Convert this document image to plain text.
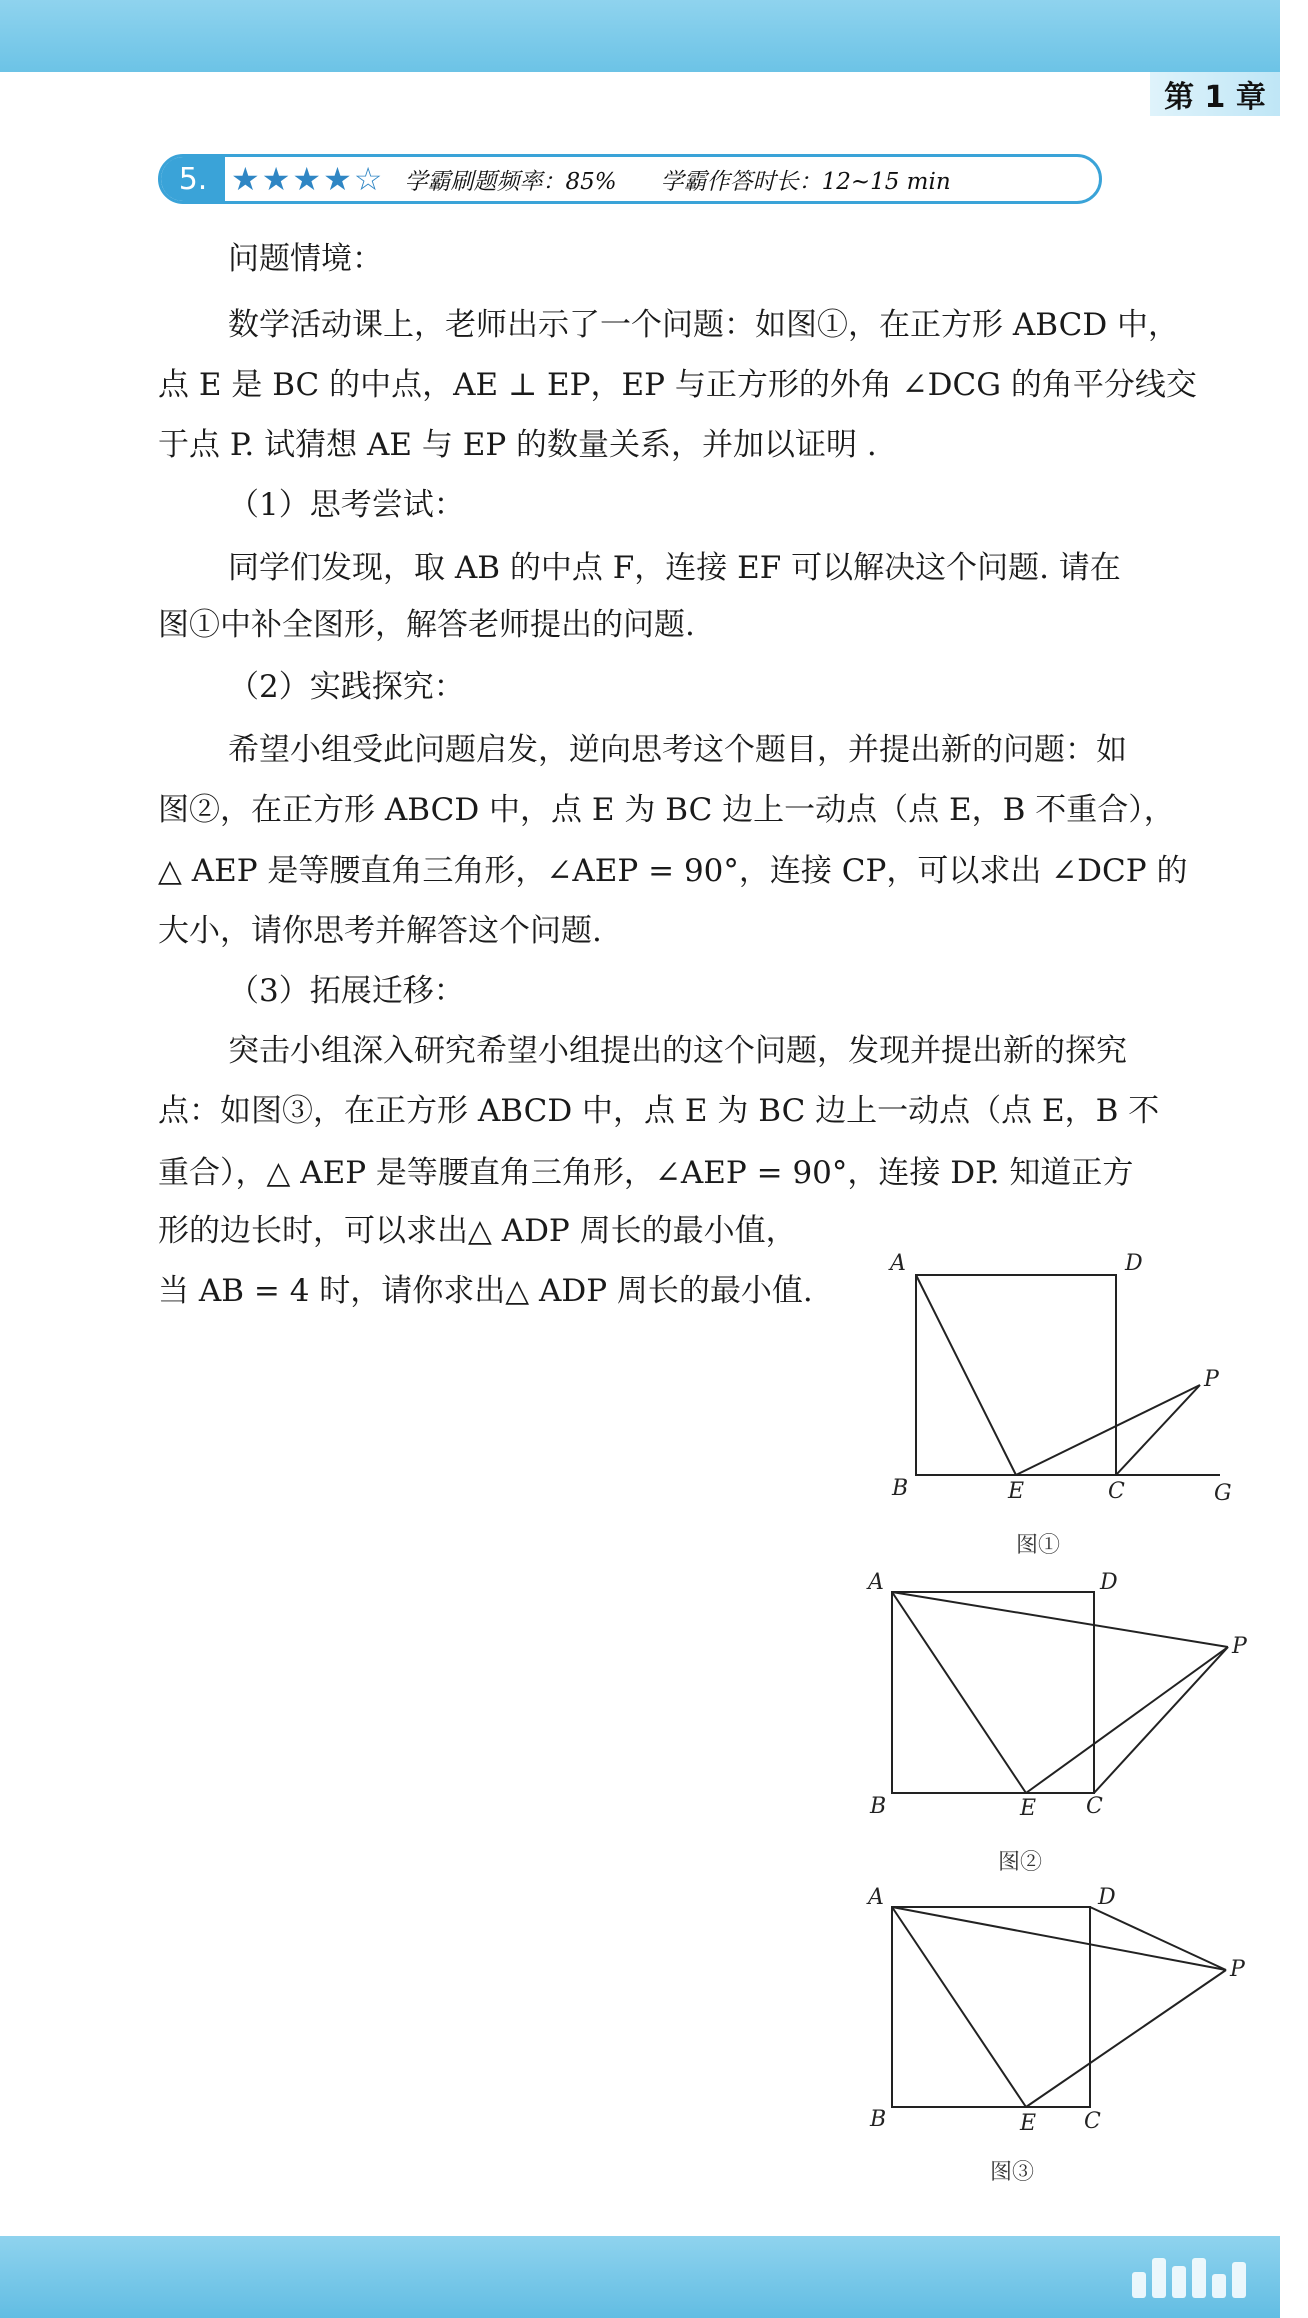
第 1 章
5. ★ ★ ★ ★ ☆ 学霸刷题频率：85% 学霸作答时长：12~15 min
问题情境：
数学活动课上，老师出示了一个问题：如图①，在正方形 ABCD 中，
点 E 是 BC 的中点，AE ⊥ EP，EP 与正方形的外角 ∠DCG 的角平分线交
于点 P. 试猜想 AE 与 EP 的数量关系，并加以证明 .
（1）思考尝试：
同学们发现，取 AB 的中点 F，连接 EF 可以解决这个问题. 请在
图①中补全图形，解答老师提出的问题.
（2）实践探究：
希望小组受此问题启发，逆向思考这个题目，并提出新的问题：如
图②，在正方形 ABCD 中，点 E 为 BC 边上一动点（点 E，B 不重合），
△ AEP 是等腰直角三角形，∠AEP = 90°，连接 CP，可以求出 ∠DCP 的
大小，请你思考并解答这个问题.
（3）拓展迁移：
突击小组深入研究希望小组提出的这个问题，发现并提出新的探究
点：如图③，在正方形 ABCD 中，点 E 为 BC 边上一动点（点 E，B 不
重合），△ AEP 是等腰直角三角形，∠AEP = 90°，连接 DP. 知道正方
形的边长时，可以求出△ ADP 周长的最小值，
当 AB = 4 时，请你求出△ ADP 周长的最小值.
A	D
B	E	C	G
P
图①
A	D
B	E C
P
图②
A	D
B	E C
P
图③
